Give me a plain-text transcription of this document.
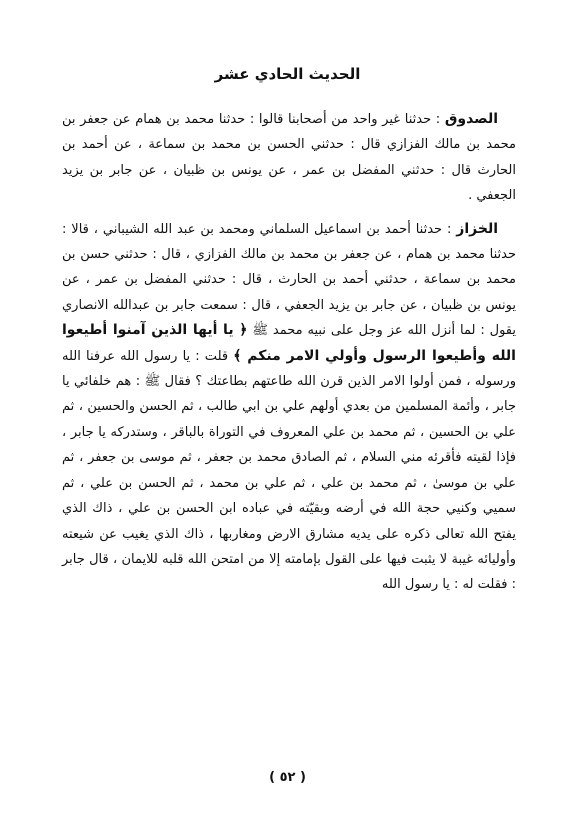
الحديث الحادي عشر

الصدوق : حدثنا غير واحد من أصحابنا قالوا : حدثنا محمد بن همام عن جعفر بن محمد بن مالك الفزازي قال : حدثني الحسن بن محمد بن سماعة ، عن أحمد بن الحارث قال : حدثني المفضل بن عمر ، عن يونس بن ظبيان ، عن جابر بن يزيد الجعفي .

الخزاز : حدثنا أحمد بن اسماعيل السلماني ومحمد بن عبد الله الشيباني ، قالا : حدثنا محمد بن همام ، عن جعفر بن محمد بن مالك الفزازي ، قال : حدثني حسن بن محمد بن سماعة ، حدثني أحمد بن الحارث ، قال : حدثني المفضل بن عمر ، عن يونس بن ظبيان ، عن جابر بن يزيد الجعفي ، قال : سمعت جابر بن عبدالله الانصاري يقول : لما أنزل الله عز وجل على نبيه محمد ﷺ ﴿ يا أيها الذين آمنوا أطيعوا الله وأطيعوا الرسول وأولي الامر منكم ﴾ قلت : يا رسول الله عرفنا الله ورسوله ، فمن أولوا الامر الذين قرن الله طاعتهم بطاعتك ؟ فقال ﷺ : هم خلفائي يا جابر ، وأئمة المسلمين من بعدي أولهم علي بن ابي طالب ، ثم الحسن والحسين ، ثم علي بن الحسين ، ثم محمد بن علي المعروف في التوراة بالباقر ، وستدركه يا جابر ، فإذا لقيته فأقرئه مني السلام ، ثم الصادق محمد بن جعفر ، ثم موسى بن جعفر ، ثم علي بن موسىٰ ، ثم محمد بن علي ، ثم علي بن محمد ، ثم الحسن بن علي ، ثم سميي وكنيي حجة الله في أرضه وبقيّته في عباده ابن الحسن بن علي ، ذاك الذي يفتح الله تعالى ذكره على يديه مشارق الارض ومغاربها ، ذاك الذي يغيب عن شيعته وأوليائه غيبة لا يثبت فيها على القول بإمامته إلا من امتحن الله قلبه للايمان ، قال جابر : فقلت له : يا رسول الله

( ٥٢ )
